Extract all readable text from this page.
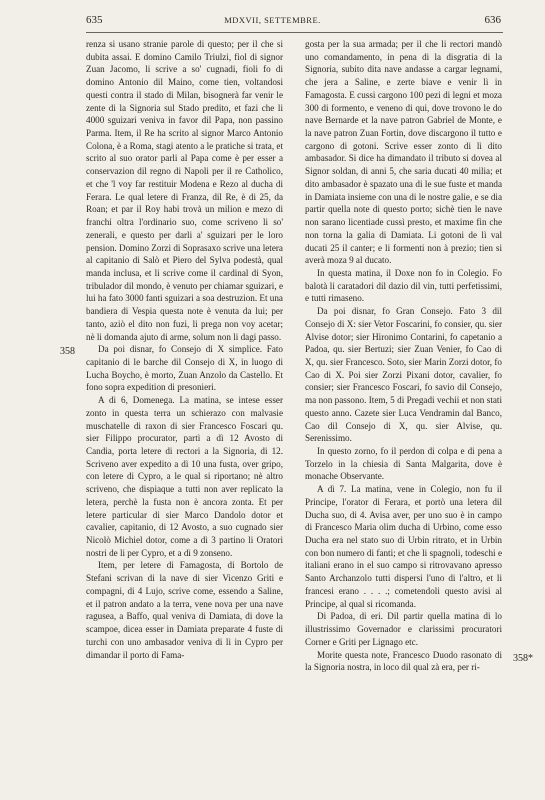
635	MDXVII, SETTEMBRE.	636
358
358*

renza si usano stranie parole di questo; per il che si dubita assai. E domino Camilo Triulzi, fiol di signor Zuan Jacomo, li scrive a so' cugnadi, fioli fo di domino Antonio dil Maino, come tien, voltandosi questi contra il stado di Milan, bisognerà far venir le zente di la Signoria sul Stado predito, et fazi che li 4000 sguizari veniva in favor dil Papa, non passino Parma. Item, il Re ha scrito al signor Marco Antonio Colona, è a Roma, stagi atento a le pratiche si trata, et scrito al suo orator parli al Papa come è per esser a conservazion dil regno di Napoli per il re Catholico, et che 'l voy far restituir Modena e Rezo al ducha di Ferara. Le qual letere di Franza, dil Re, è di 25, da Roan; et par il Roy habi trovà un milion e mezo di franchi oltra l'ordinario suo, come scriveno li so' zenerali, e questo per darli a' sguizari per le loro pension. Domino Zorzi di Soprasaxo scrive una letera al capitanio di Salò et Piero del Sylva podestà, qual manda inclusa, et li scrive come il cardinal di Syon, tribulador dil mondo, è venuto per chiamar sguizari, e lui ha fato 3000 fanti sguizari a soa destruzion. Et una bandiera di Vespia questa note è venuta da lui; per tanto, aziò el dito non fuzi, li prega non voy acetar; nè li domanda ajuto di arme, solum non li dagi passo.

Da poi disnar, fo Consejo di X simplice. Fato capitanio di le barche dil Consejo di X, in luogo di Lucha Boycho, è morto, Zuan Anzolo da Castello. Et fono sopra expedition di presonieri.

A dì 6, Domenega. La matina, se intese esser zonto in questa terra un schierazo con malvasie muschatelle di raxon di sier Francesco Foscari qu. sier Filippo procurator, partì a dì 12 Avosto di Candia, porta letere di rectori a la Signoria, di 12. Scriveno aver expedito a dì 10 una fusta, over gripo, con letere di Cypro, a le qual si riportano; nè altro scriveno, che dispiaque a tutti non aver replicato la letera, perchè la fusta non è ancora zonta. Et per letere particular di sier Marco Dandolo dotor et cavalier, capitanio, di 12 Avosto, a suo cugnado sier Nicolò Michiel dotor, come a dì 3 partino li Oratori nostri de li per Cypro, et a dì 9 zonseno.

Item, per letere di Famagosta, di Bortolo de Stefani scrivan di la nave di sier Vicenzo Griti e compagni, di 4 Lujo, scrive come, essendo a Saline, et il patron andato a la terra, vene nova per una nave ragusea, a Baffo, qual veniva di Damiata, di dove la scampoe, dicea esser in Damiata preparate 4 fuste di turchi con uno ambasador veniva di lì in Cypro per dimandar il porto di Fama-

gosta per la sua armada; per il che li rectori mandò uno comandamento, in pena di la disgratia di la Signoria, subito dita nave andasse a cargar legnami, che jera a Saline, e zerte biave e venir lì in Famagosta. E cussi cargono 100 pezi di legni et moza 300 di formento, e veneno di qui, dove trovono le do nave Bernarde et la nave patron Gabriel de Monte, e la nave patron Zuan Fortin, dove discargono il tutto e cargono di gotoni. Scrive esser zonto di lì dito ambasador. Si dice ha dimandato il tributo si dovea al Signor soldan, di anni 5, che saria ducati 40 milia; et dito ambasador è spazato una di le sue fuste et manda in Damiata insieme con una di le nostre galie, e se dia partir quella note di questo porto; sichè tien le nave non sarano licentiade cussì presto, et maxime fin che non torna la galia di Damiata. Li gotoni de lì val ducati 25 il canter; e li formenti non à prezio; tien si averà moza 9 al ducato.

In questa matina, il Doxe non fo in Colegio. Fo balotà li caratadori dil dazio dil vin, tutti perfetissimi, e tutti rimaseno.

Da poi disnar, fo Gran Consejo. Fato 3 dil Consejo di X: sier Vetor Foscarini, fo consier, qu. sier Alvise dotor; sier Hironimo Contarini, fo capetanio a Padoa, qu. sier Bertuzi; sier Zuan Venier, fo Cao di X, qu. sier Francesco. Soto, sier Marin Zorzi dotor, fo Cao di X. Poi sier Zorzi Pixani dotor, cavalier, fo consier; sier Francesco Foscari, fo savio dil Consejo, ma non passono. Item, 5 di Pregadi vechii et non stati questo anno. Cazete sier Luca Vendramin dal Banco, Cao dil Consejo di X, qu. sier Alvise, qu. Serenissimo.

In questo zorno, fo il perdon di colpa e di pena a Torzelo in la chiesia di Santa Malgarita, dove è monache Observante.

A dì 7. La matina, vene in Colegio, non fu il Principe, l'orator di Ferara, et portò una letera dil Ducha suo, di 4. Avisa aver, per uno suo è in campo di Francesco Maria olim ducha di Urbino, come esso Ducha era nel stato suo di Urbin ritrato, et in Urbin con bon numero di fanti; et che li spagnoli, todeschi e italiani erano in el suo campo si ritrovavano apresso Santo Archanzolo tutti dispersi l'uno di l'altro, et li francesi erano . . . .; cometendoli questo avisi al Principe, al qual si ricomanda.

Di Padoa, di eri. Dil partir quella matina di lo illustrissimo Governador e clarissimi procuratori Corner e Griti per Lignago etc.

Morite questa note, Francesco Duodo rasonato di la Signoria nostra, in loco dil qual zà era, per ri-
